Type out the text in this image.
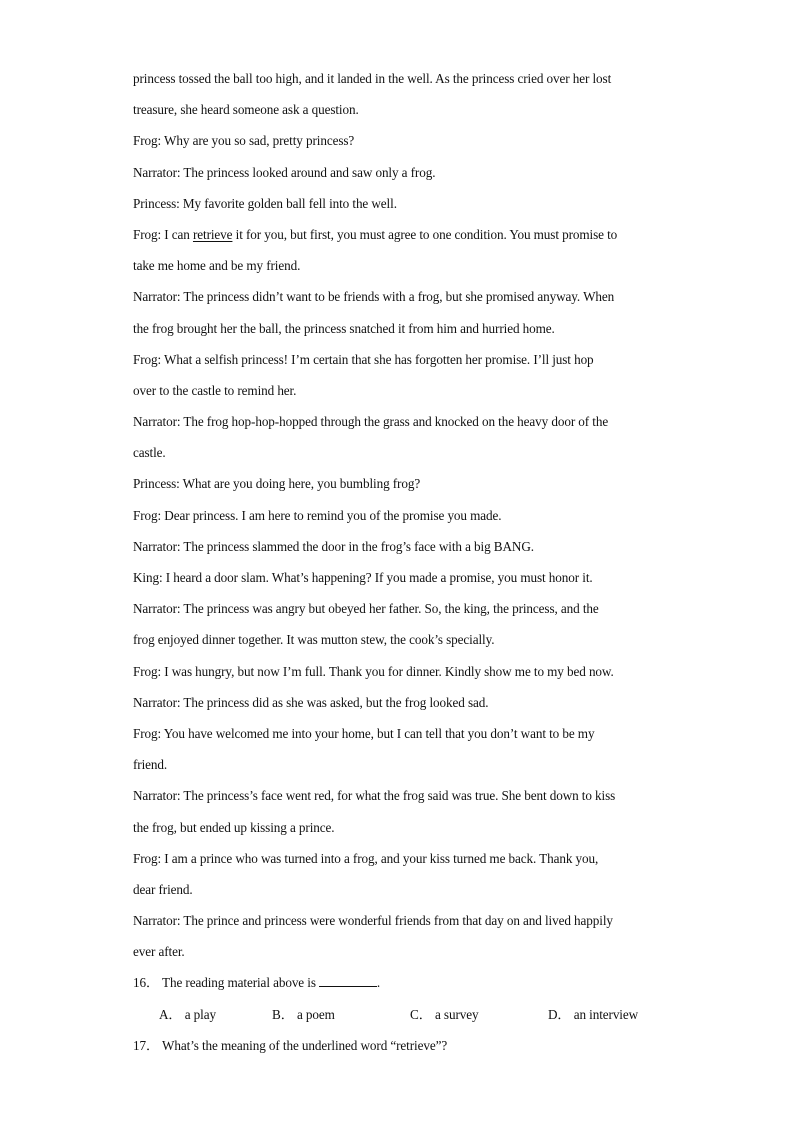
princess tossed the ball too high, and it landed in the well. As the princess cried over her lost
treasure, she heard someone ask a question.
Frog: Why are you so sad, pretty princess?
Narrator: The princess looked around and saw only a frog.
Princess: My favorite golden ball fell into the well.
Frog: I can retrieve it for you, but first, you must agree to one condition. You must promise to
take me home and be my friend.
Narrator: The princess didn’t want to be friends with a frog, but she promised anyway. When
the frog brought her the ball, the princess snatched it from him and hurried home.
Frog: What a selfish princess! I’m certain that she has forgotten her promise. I’ll just hop
over to the castle to remind her.
Narrator: The frog hop-hop-hopped through the grass and knocked on the heavy door of the
castle.
Princess: What are you doing here, you bumbling frog?
Frog: Dear princess. I am here to remind you of the promise you made.
Narrator: The princess slammed the door in the frog’s face with a big BANG.
King: I heard a door slam. What’s happening? If you made a promise, you must honor it.
Narrator: The princess was angry but obeyed her father. So, the king, the princess, and the
frog enjoyed dinner together. It was mutton stew, the cook’s specially.
Frog: I was hungry, but now I’m full. Thank you for dinner. Kindly show me to my bed now.
Narrator: The princess did as she was asked, but the frog looked sad.
Frog: You have welcomed me into your home, but I can tell that you don’t want to be my
friend.
Narrator: The princess’s face went red, for what the frog said was true. She bent down to kiss
the frog, but ended up kissing a prince.
Frog: I am a prince who was turned into a frog, and your kiss turned me back. Thank you,
dear friend.
Narrator: The prince and princess were wonderful friends from that day on and lived happily
ever after.
16． The reading material above is	.
A． a play	B． a poem	C． a survey	D． an interview
17． What’s the meaning of the underlined word “retrieve”?
